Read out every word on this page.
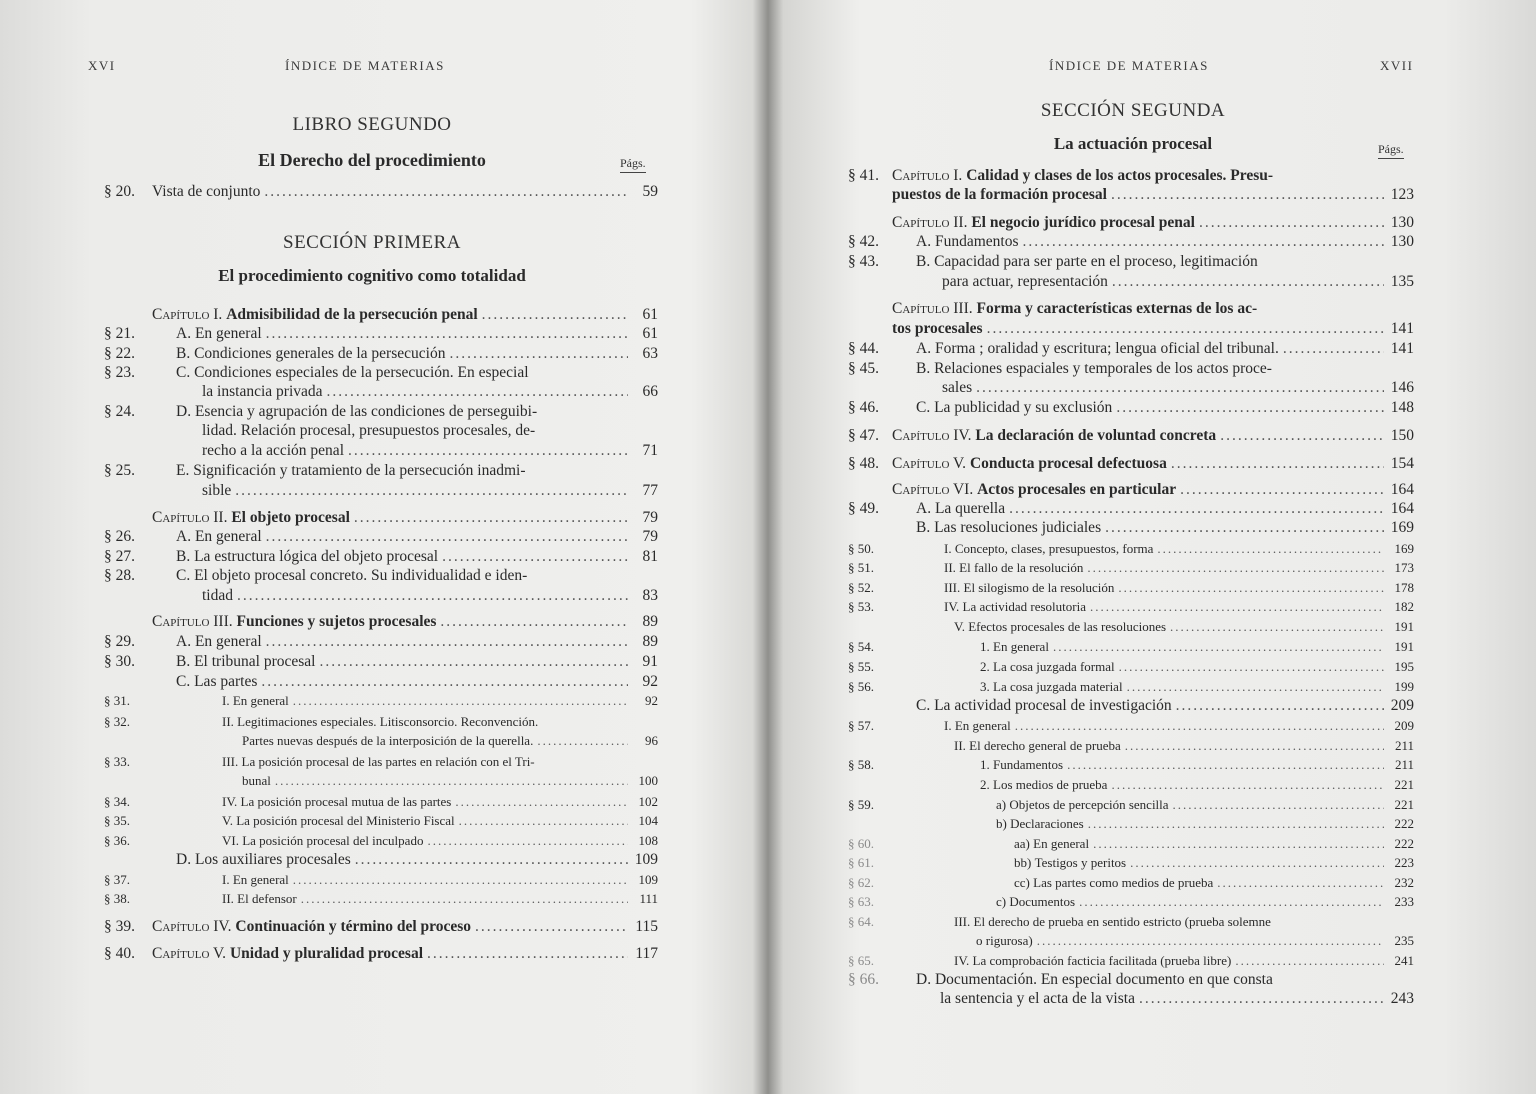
XVI	ÍNDICE DE MATERIAS
LIBRO SEGUNDO
El Derecho del procedimiento	Págs.
SECCIÓN PRIMERA
El procedimiento cognitivo como totalidad
§ 20.	Vista de conjunto .....	59
Capítulo I. Admisibilidad de la persecución penal .....	61
§ 21.	A. En general .....	61
§ 22.	B. Condiciones generales de la persecución .....	63
§ 23.	C. Condiciones especiales de la persecución. En especial
la instancia privada .....	66
§ 24.	D. Esencia y agrupación de las condiciones de perseguibi-
lidad. Relación procesal, presupuestos procesales, de-
recho a la acción penal .....	71
§ 25.	E. Significación y tratamiento de la persecución inadmi-
sible .....	77
Capítulo II. El objeto procesal .....	79
§ 26.	A. En general .....	79
§ 27.	B. La estructura lógica del objeto procesal .....	81
§ 28.	C. El objeto procesal concreto. Su individualidad e iden-
tidad .....	83
Capítulo III. Funciones y sujetos procesales .....	89
§ 29.	A. En general .....	89
§ 30.	B. El tribunal procesal .....	91
C. Las partes .....	92
§ 31.	I. En general .....	92
§ 32.	II. Legitimaciones especiales. Litisconsorcio. Reconvención.
Partes nuevas después de la interposición de la querella. .....	96
§ 33.	III. La posición procesal de las partes en relación con el Tri-
bunal .....	100
§ 34.	IV. La posición procesal mutua de las partes .....	102
§ 35.	V. La posición procesal del Ministerio Fiscal .....	104
§ 36.	VI. La posición procesal del inculpado .....	108
D. Los auxiliares procesales .....	109
§ 37.	I. En general .....	109
§ 38.	II. El defensor .....	111
§ 39.	Capítulo IV. Continuación y término del proceso .....	115
§ 40.	Capítulo V. Unidad y pluralidad procesal .....	117
ÍNDICE DE MATERIAS	XVII
SECCIÓN SEGUNDA
La actuación procesal	Págs.
§ 41. Capítulo I. Calidad y clases de los actos procesales. Presu-
puestos de la formación procesal .....	123
Capítulo II. El negocio jurídico procesal penal .....	130
§ 42.	A. Fundamentos .....	130
§ 43.	B. Capacidad para ser parte en el proceso, legitimación
para actuar, representación .....	135
Capítulo III. Forma y características externas de los ac-
tos procesales .....	141
§ 44.	A. Forma ; oralidad y escritura; lengua oficial del tribunal. .....	141
§ 45.	B. Relaciones espaciales y temporales de los actos proce-
sales .....	146
§ 46.	C. La publicidad y su exclusión .....	148
§ 47. Capítulo IV. La declaración de voluntad concreta .....	150
§ 48. Capítulo V. Conducta procesal defectuosa .....	154
Capítulo VI. Actos procesales en particular .....	164
§ 49.	A. La querella .....	164
B. Las resoluciones judiciales .....	169
§ 50.	I. Concepto, clases, presupuestos, forma .....	169
§ 51.	II. El fallo de la resolución .....	173
§ 52.	III. El silogismo de la resolución .....	178
§ 53.	IV. La actividad resolutoria .....	182
V. Efectos procesales de las resoluciones .....	191
§ 54.	1. En general .....	191
§ 55.	2. La cosa juzgada formal .....	195
§ 56.	3. La cosa juzgada material .....	199
C. La actividad procesal de investigación .....	209
§ 57.	I. En general .....	209
II. El derecho general de prueba .....	211
§ 58.	1. Fundamentos .....	211
2. Los medios de prueba .....	221
§ 59.	a) Objetos de percepción sencilla .....	221
b) Declaraciones .....	222
§ 60.	aa) En general .....	222
§ 61.	bb) Testigos y peritos .....	223
§ 62.	cc) Las partes como medios de prueba .....	232
§ 63.	c) Documentos .....	233
§ 64.	III. El derecho de prueba en sentido estricto (prueba solemne
o rigurosa) .....	235
§ 65.	IV. La comprobación facticia facilitada (prueba libre) .....	241
§ 66.	D. Documentación. En especial documento en que consta
la sentencia y el acta de la vista .....	243
